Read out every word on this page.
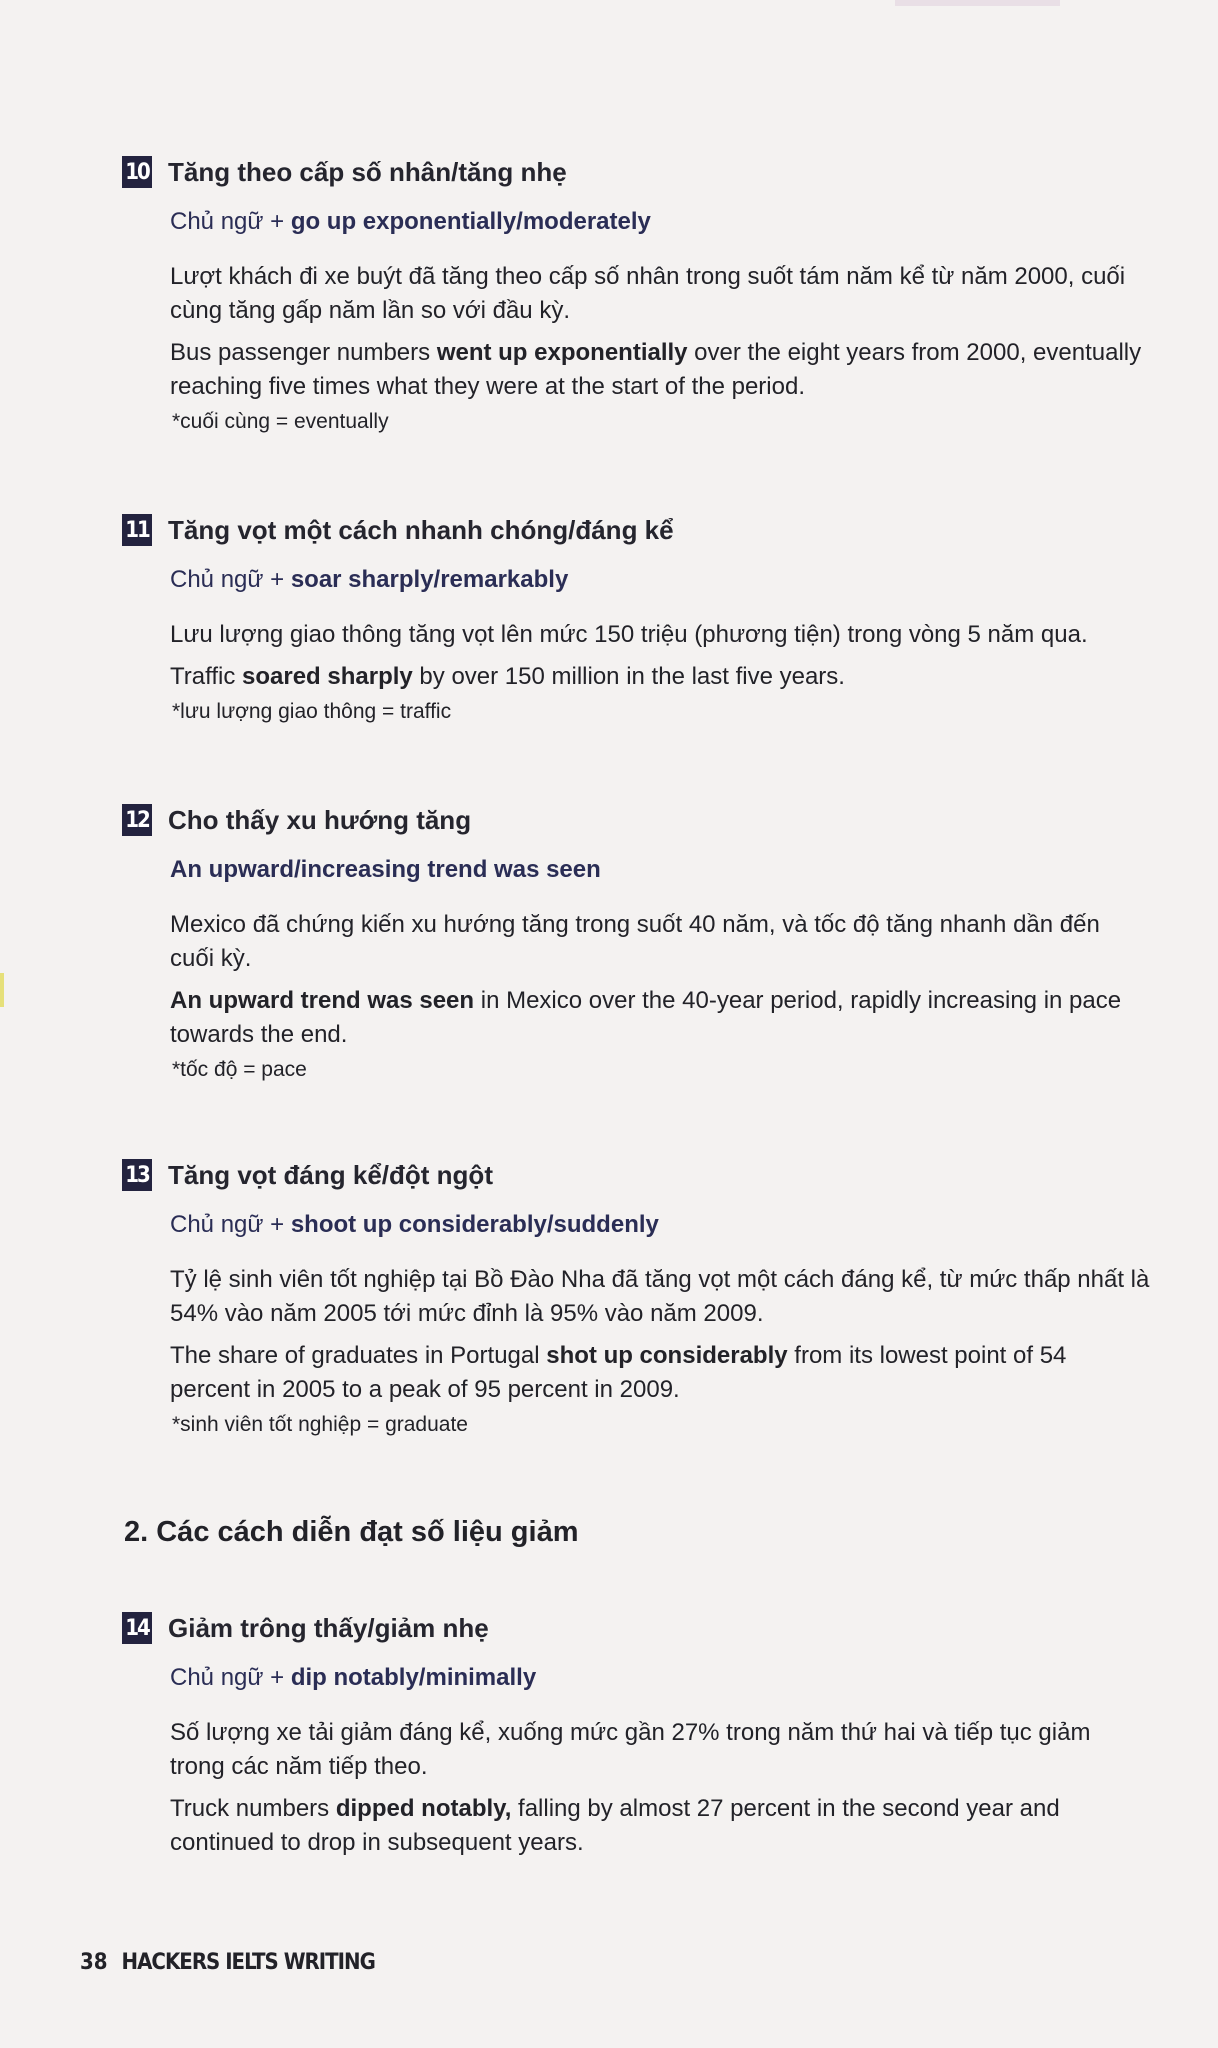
10 Tăng theo cấp số nhân/tăng nhẹ
Chủ ngữ + go up exponentially/moderately
Lượt khách đi xe buýt đã tăng theo cấp số nhân trong suốt tám năm kể từ năm 2000, cuối cùng tăng gấp năm lần so với đầu kỳ.
Bus passenger numbers went up exponentially over the eight years from 2000, eventually reaching five times what they were at the start of the period.
*cuối cùng = eventually
11 Tăng vọt một cách nhanh chóng/đáng kể
Chủ ngữ + soar sharply/remarkably
Lưu lượng giao thông tăng vọt lên mức 150 triệu (phương tiện) trong vòng 5 năm qua.
Traffic soared sharply by over 150 million in the last five years.
*lưu lượng giao thông = traffic
12 Cho thấy xu hướng tăng
An upward/increasing trend was seen
Mexico đã chứng kiến xu hướng tăng trong suốt 40 năm, và tốc độ tăng nhanh dần đến cuối kỳ.
An upward trend was seen in Mexico over the 40-year period, rapidly increasing in pace towards the end.
*tốc độ = pace
13 Tăng vọt đáng kể/đột ngột
Chủ ngữ + shoot up considerably/suddenly
Tỷ lệ sinh viên tốt nghiệp tại Bồ Đào Nha đã tăng vọt một cách đáng kể, từ mức thấp nhất là 54% vào năm 2005 tới mức đỉnh là 95% vào năm 2009.
The share of graduates in Portugal shot up considerably from its lowest point of 54 percent in 2005 to a peak of 95 percent in 2009.
*sinh viên tốt nghiệp = graduate
2. Các cách diễn đạt số liệu giảm
14 Giảm trông thấy/giảm nhẹ
Chủ ngữ + dip notably/minimally
Số lượng xe tải giảm đáng kể, xuống mức gần 27% trong năm thứ hai và tiếp tục giảm trong các năm tiếp theo.
Truck numbers dipped notably, falling by almost 27 percent in the second year and continued to drop in subsequent years.
38 HACKERS IELTS WRITING
